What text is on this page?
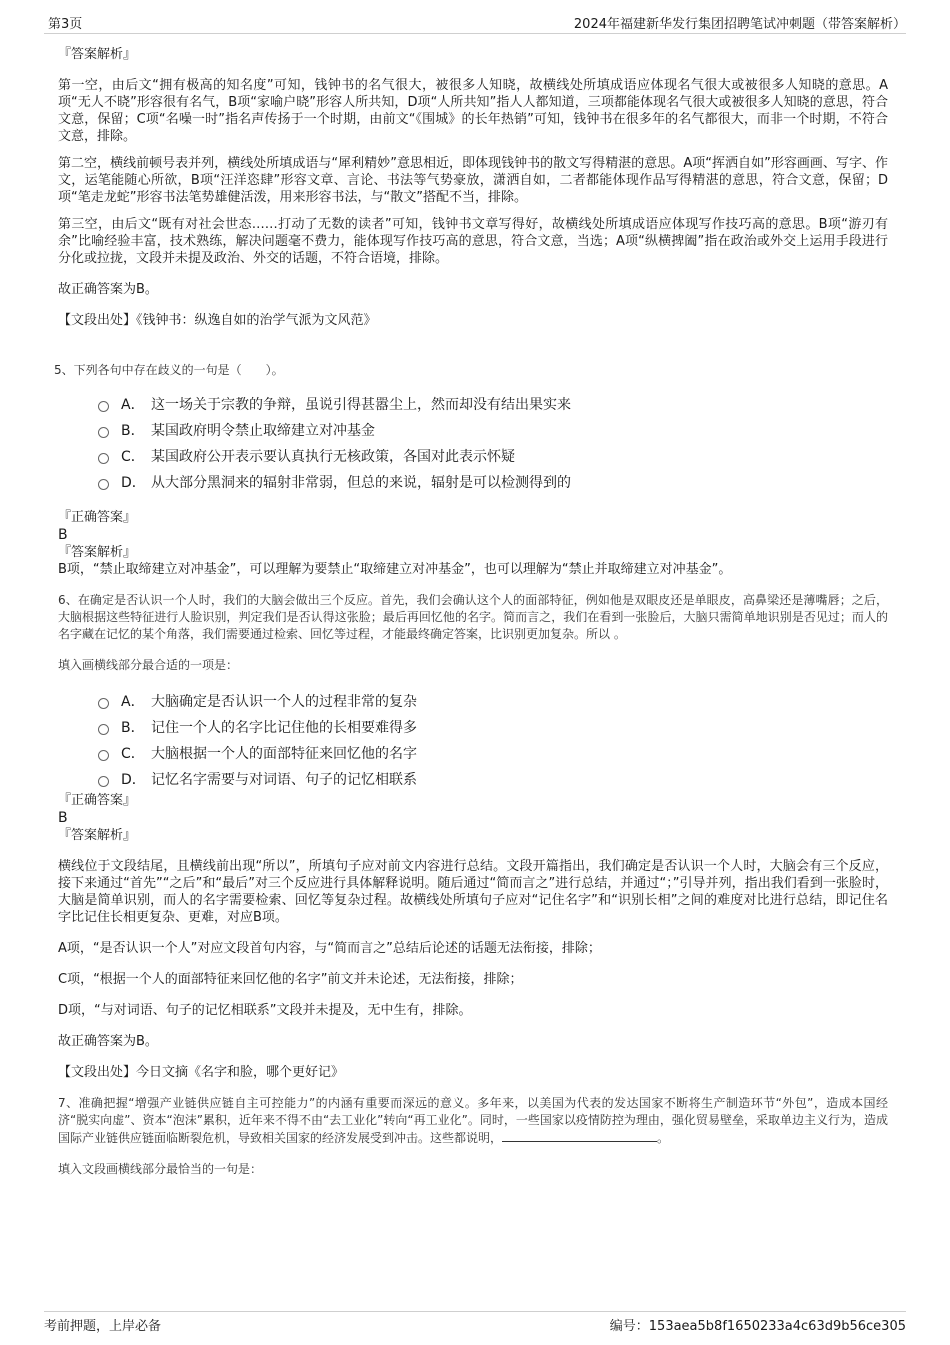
第3页	2024年福建新华发行集团招聘笔试冲刺题（带答案解析）

『答案解析』

第一空，由后文“拥有极高的知名度”可知，钱钟书的名气很大，被很多人知晓，故横线处所填成语应体现名气很大或被很多人知晓的意思。A项“无人不晓”形容很有名气，B项“家喻户晓”形容人所共知，D项“人所共知”指人人都知道，三项都能体现名气很大或被很多人知晓的意思，符合文意，保留；C项“名噪一时”指名声传扬于一个时期，由前文“《围城》的长年热销”可知，钱钟书在很多年的名气都很大，而非一个时期，不符合文意，排除。

第二空，横线前顿号表并列，横线处所填成语与“犀利精妙”意思相近，即体现钱钟书的散文写得精湛的意思。A项“挥洒自如”形容画画、写字、作文，运笔能随心所欲，B项“汪洋恣肆”形容文章、言论、书法等气势豪放，潇洒自如，二者都能体现作品写得精湛的意思，符合文意，保留；D项“笔走龙蛇”形容书法笔势雄健活泼，用来形容书法，与“散文”搭配不当，排除。

第三空，由后文“既有对社会世态……打动了无数的读者”可知，钱钟书文章写得好，故横线处所填成语应体现写作技巧高的意思。B项“游刃有余”比喻经验丰富，技术熟练，解决问题毫不费力，能体现写作技巧高的意思，符合文意，当选；A项“纵横捭阖”指在政治或外交上运用手段进行分化或拉拢，文段并未提及政治、外交的话题，不符合语境，排除。

故正确答案为B。

【文段出处】《钱钟书：纵逸自如的治学气派为文风范》

5、下列各句中存在歧义的一句是（　　）。

A． 这一场关于宗教的争辩，虽说引得甚嚣尘上，然而却没有结出果实来
B． 某国政府明令禁止取缔建立对冲基金
C． 某国政府公开表示要认真执行无核政策，各国对此表示怀疑
D． 从大部分黑洞来的辐射非常弱，但总的来说，辐射是可以检测得到的

『正确答案』

B

『答案解析』

B项，“禁止取缔建立对冲基金”，可以理解为要禁止“取缔建立对冲基金”，也可以理解为“禁止并取缔建立对冲基金”。

6、在确定是否认识一个人时，我们的大脑会做出三个反应。首先，我们会确认这个人的面部特征，例如他是双眼皮还是单眼皮，高鼻梁还是薄嘴唇；之后，大脑根据这些特征进行人脸识别，判定我们是否认得这张脸；最后再回忆他的名字。简而言之，我们在看到一张脸后，大脑只需简单地识别是否见过；而人的名字藏在记忆的某个角落，我们需要通过检索、回忆等过程，才能最终确定答案，比识别更加复杂。所以 。

填入画横线部分最合适的一项是：

A． 大脑确定是否认识一个人的过程非常的复杂
B． 记住一个人的名字比记住他的长相要难得多
C． 大脑根据一个人的面部特征来回忆他的名字
D． 记忆名字需要与对词语、句子的记忆相联系

『正确答案』

B

『答案解析』

横线位于文段结尾，且横线前出现“所以”，所填句子应对前文内容进行总结。文段开篇指出，我们确定是否认识一个人时，大脑会有三个反应，接下来通过“首先”“之后”和“最后”对三个反应进行具体解释说明。随后通过“简而言之”进行总结，并通过“；”引导并列，指出我们看到一张脸时，大脑是简单识别，而人的名字需要检索、回忆等复杂过程。故横线处所填句子应对“记住名字”和“识别长相”之间的难度对比进行总结，即记住名字比记住长相更复杂、更难，对应B项。

A项，“是否认识一个人”对应文段首句内容，与“简而言之”总结后论述的话题无法衔接，排除；

C项，“根据一个人的面部特征来回忆他的名字”前文并未论述，无法衔接，排除；

D项，“与对词语、句子的记忆相联系”文段并未提及，无中生有，排除。

故正确答案为B。

【文段出处】今日文摘《名字和脸，哪个更好记》

7、准确把握“增强产业链供应链自主可控能力”的内涵有重要而深远的意义。多年来，以美国为代表的发达国家不断将生产制造环节“外包”，造成本国经济“脱实向虚”、资本“泡沫”累积，近年来不得不由“去工业化”转向“再工业化”。同时，一些国家以疫情防控为理由，强化贸易壁垒，采取单边主义行为，造成国际产业链供应链面临断裂危机，导致相关国家的经济发展受到冲击。这些都说明，	。

填入文段画横线部分最恰当的一句是：

考前押题，上岸必备	编号：153aea5b8f1650233a4c63d9b56ce305
